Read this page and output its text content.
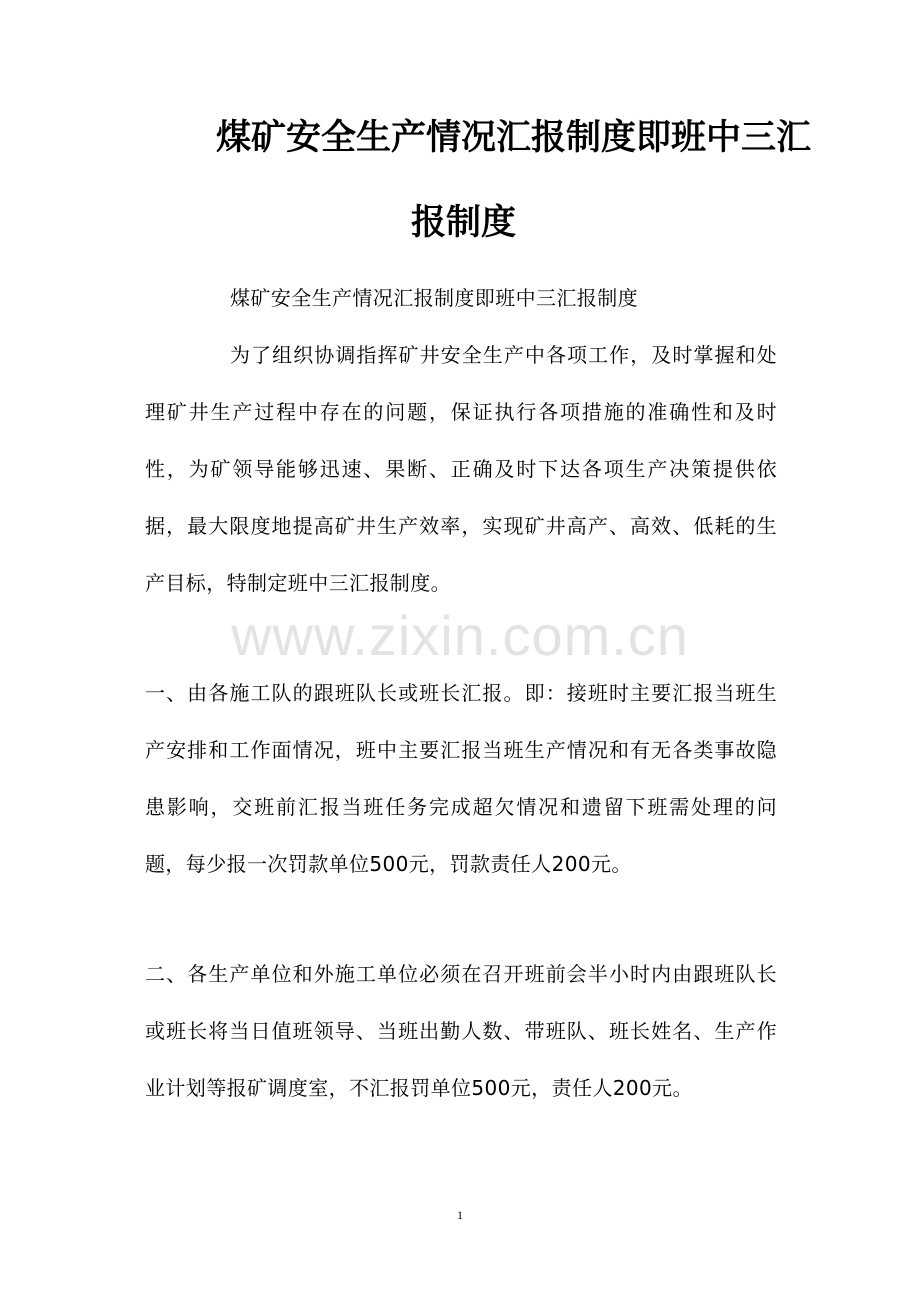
煤矿安全生产情况汇报制度即班中三汇
报制度
煤矿安全生产情况汇报制度即班中三汇报制度
为了组织协调指挥矿井安全生产中各项工作，及时掌握和处理矿井生产过程中存在的问题，保证执行各项措施的准确性和及时性，为矿领导能够迅速、果断、正确及时下达各项生产决策提供依据，最大限度地提高矿井生产效率，实现矿井高产、高效、低耗的生产目标，特制定班中三汇报制度。
www.zixin.com.cn
一、由各施工队的跟班队长或班长汇报。即：接班时主要汇报当班生产安排和工作面情况，班中主要汇报当班生产情况和有无各类事故隐患影响，交班前汇报当班任务完成超欠情况和遗留下班需处理的问题，每少报一次罚款单位500元，罚款责任人200元。
二、各生产单位和外施工单位必须在召开班前会半小时内由跟班队长或班长将当日值班领导、当班出勤人数、带班队、班长姓名、生产作业计划等报矿调度室，不汇报罚单位500元，责任人200元。
1
